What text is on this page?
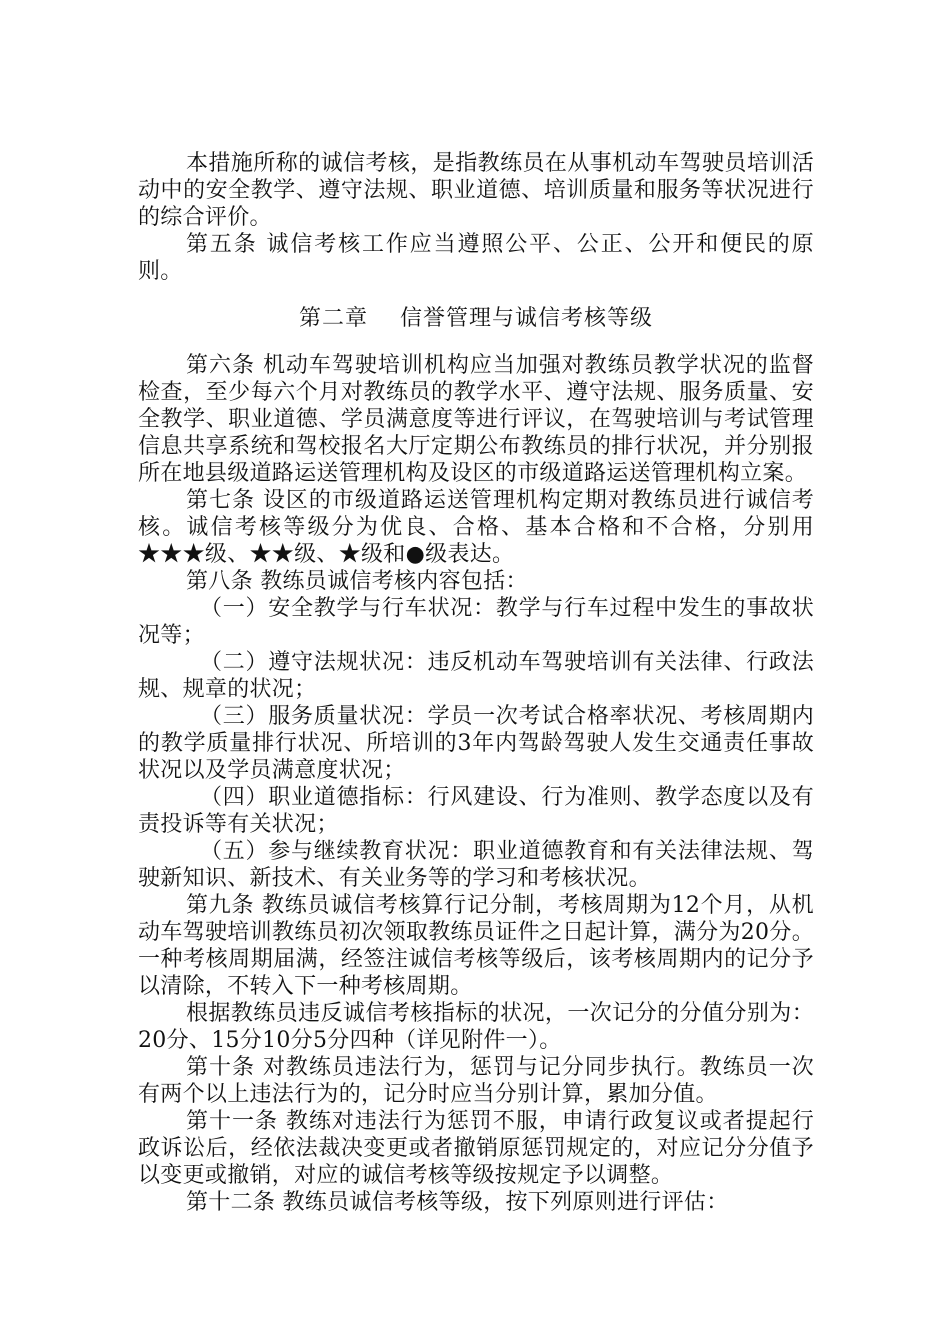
本措施所称的诚信考核，是指教练员在从事机动车驾驶员培训活动中的安全教学、遵守法规、职业道德、培训质量和服务等状况进行的综合评价。

第五条 诚信考核工作应当遵照公平、公正、公开和便民的原则。

第二章 信誉管理与诚信考核等级

第六条 机动车驾驶培训机构应当加强对教练员教学状况的监督检查，至少每六个月对教练员的教学水平、遵守法规、服务质量、安全教学、职业道德、学员满意度等进行评议，在驾驶培训与考试管理信息共享系统和驾校报名大厅定期公布教练员的排行状况，并分别报所在地县级道路运送管理机构及设区的市级道路运送管理机构立案。

第七条 设区的市级道路运送管理机构定期对教练员进行诚信考核。诚信考核等级分为优良、合格、基本合格和不合格，分别用★★★级、★★级、★级和●级表达。

第八条 教练员诚信考核内容包括：

（一）安全教学与行车状况：教学与行车过程中发生的事故状况等；

（二）遵守法规状况：违反机动车驾驶培训有关法律、行政法规、规章的状况；

（三）服务质量状况：学员一次考试合格率状况、考核周期内的教学质量排行状况、所培训的3年内驾龄驾驶人发生交通责任事故状况以及学员满意度状况；

（四）职业道德指标：行风建设、行为准则、教学态度以及有责投诉等有关状况；

（五）参与继续教育状况：职业道德教育和有关法律法规、驾驶新知识、新技术、有关业务等的学习和考核状况。

第九条 教练员诚信考核算行记分制，考核周期为12个月，从机动车驾驶培训教练员初次领取教练员证件之日起计算，满分为20分。一种考核周期届满，经签注诚信考核等级后，该考核周期内的记分予以清除，不转入下一种考核周期。

根据教练员违反诚信考核指标的状况，一次记分的分值分别为：20分、15分10分5分四种（详见附件一）。

第十条 对教练员违法行为，惩罚与记分同步执行。教练员一次有两个以上违法行为的，记分时应当分别计算，累加分值。

第十一条 教练对违法行为惩罚不服，申请行政复议或者提起行政诉讼后，经依法裁决变更或者撤销原惩罚规定的，对应记分分值予以变更或撤销，对应的诚信考核等级按规定予以调整。

第十二条 教练员诚信考核等级，按下列原则进行评估：
